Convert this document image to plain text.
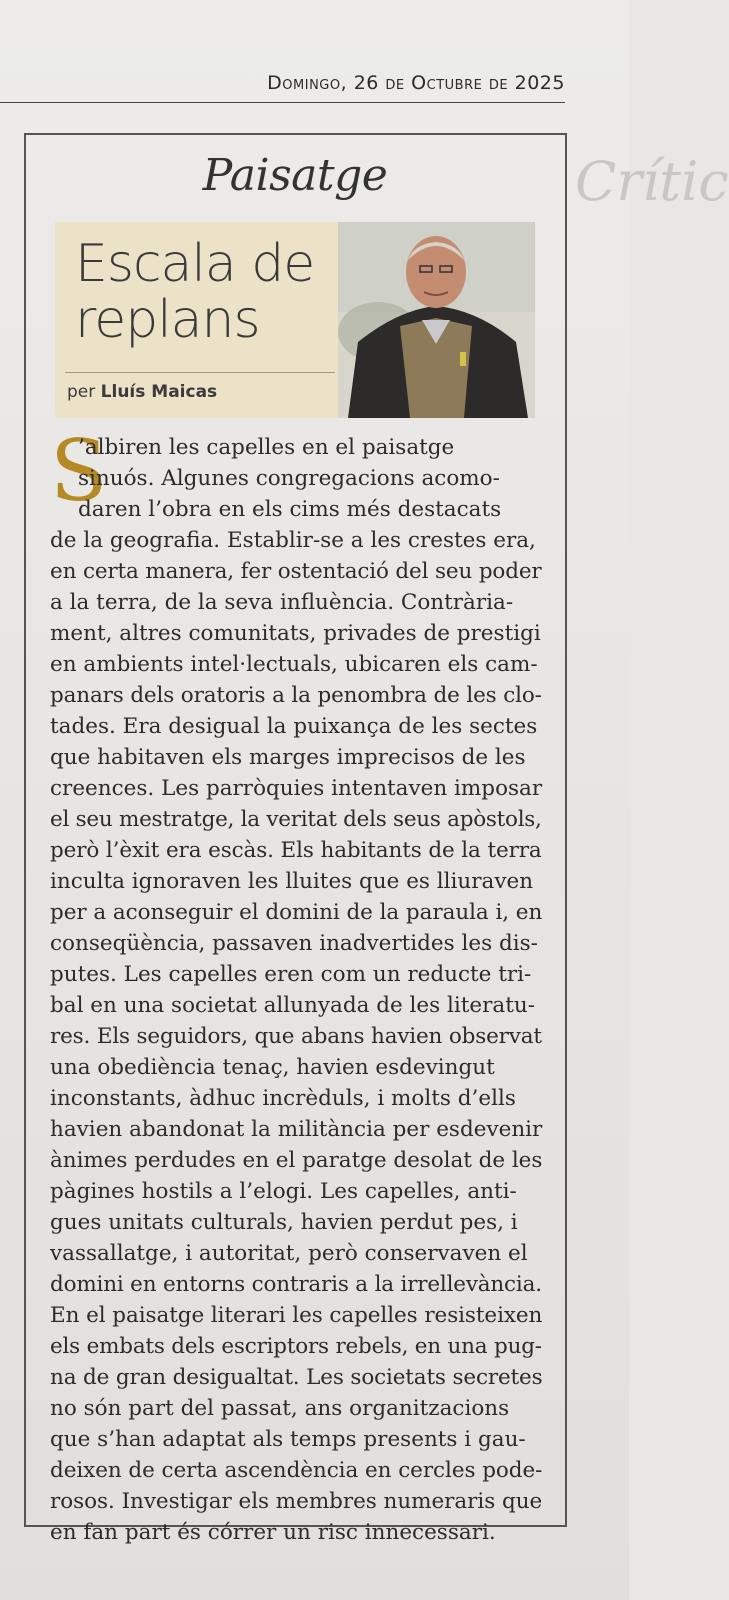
Domingo, 26 de Octubre de 2025
Crític
Paisatge
Escala de
replans
per Lluís Maicas
S
’albiren les capelles en el paisatge
sinuós. Algunes congregacions acomo-
daren l’obra en els cims més destacats
de la geografia. Establir-se a les crestes era,
en certa manera, fer ostentació del seu poder
a la terra, de la seva influència. Contrària-
ment, altres comunitats, privades de prestigi
en ambients intel·lectuals, ubicaren els cam-
panars dels oratoris a la penombra de les clo-
tades. Era desigual la puixança de les sectes
que habitaven els marges imprecisos de les
creences. Les parròquies intentaven imposar
el seu mestratge, la veritat dels seus apòstols,
però l’èxit era escàs. Els habitants de la terra
inculta ignoraven les lluites que es lliuraven
per a aconseguir el domini de la paraula i, en
conseqüència, passaven inadvertides les dis-
putes. Les capelles eren com un reducte tri-
bal en una societat allunyada de les literatu-
res. Els seguidors, que abans havien observat
una obediència tenaç, havien esdevingut
inconstants, àdhuc incrèduls, i molts d’ells
havien abandonat la militància per esdevenir
ànimes perdudes en el paratge desolat de les
pàgines hostils a l’elogi. Les capelles, anti-
gues unitats culturals, havien perdut pes, i
vassallatge, i autoritat, però conservaven el
domini en entorns contraris a la irrellevància.
En el paisatge literari les capelles resisteixen
els embats dels escriptors rebels, en una pug-
na de gran desigualtat. Les societats secretes
no són part del passat, ans organitzacions
que s’han adaptat als temps presents i gau-
deixen de certa ascendència en cercles pode-
rosos. Investigar els membres numeraris que
en fan part és córrer un risc innecessari.
